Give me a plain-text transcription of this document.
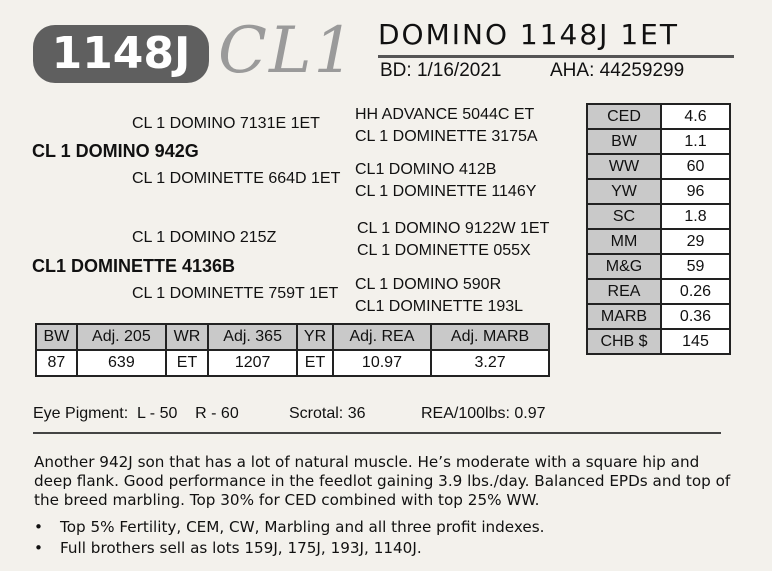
1148J CL1 DOMINO 1148J 1ET
BD: 1/16/2021	AHA: 44259299
CL 1 DOMINO 7131E 1ET
CL 1 DOMINO 942G
CL 1 DOMINETTE 664D 1ET
HH ADVANCE 5044C ET
CL 1 DOMINETTE 3175A
CL1 DOMINO 412B
CL 1 DOMINETTE 1146Y
CL 1 DOMINO 215Z
CL1 DOMINETTE 4136B
CL 1 DOMINETTE 759T 1ET
CL 1 DOMINO 9122W 1ET
CL 1 DOMINETTE 055X
CL 1 DOMINO 590R
CL1 DOMINETTE 193L
BW	Adj. 205	WR	Adj. 365	YR	Adj. REA	Adj. MARB
87	639	ET	1207	ET	10.97	3.27
CED	4.6
BW	1.1
WW	60
YW	96
SC	1.8
MM	29
M&G	59
REA	0.26
MARB	0.36
CHB $	145
Eye Pigment:  L - 50    R - 60	Scrotal: 36	REA/100lbs: 0.97
Another 942J son that has a lot of natural muscle. He’s moderate with a square hip and deep flank. Good performance in the feedlot gaining 3.9 lbs./day. Balanced EPDs and top of the breed marbling. Top 30% for CED combined with top 25% WW.
• Top 5% Fertility, CEM, CW, Marbling and all three profit indexes.
• Full brothers sell as lots 159J, 175J, 193J, 1140J.
